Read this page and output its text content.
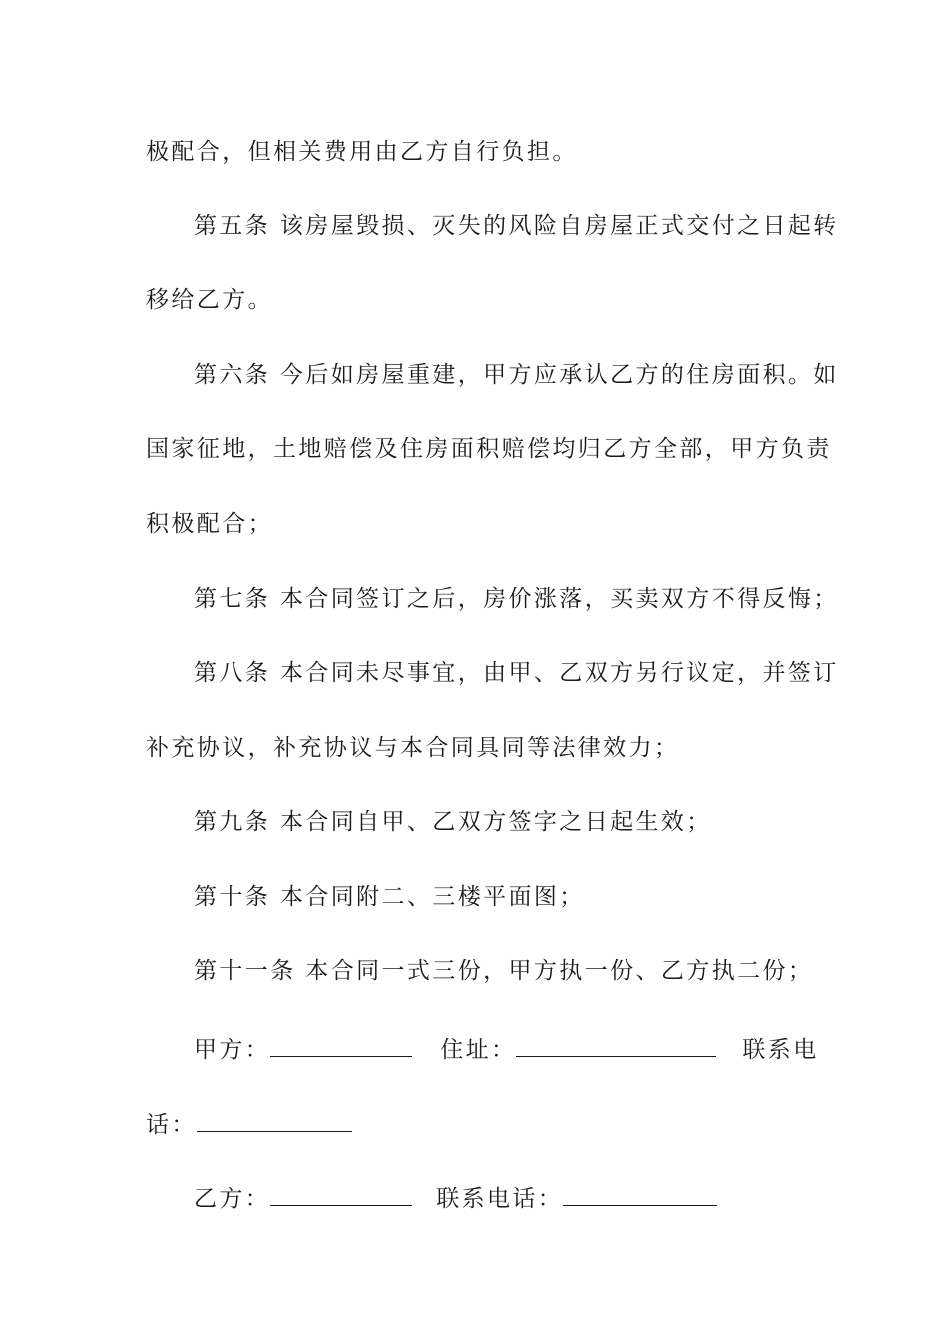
极配合，但相关费用由乙方自行负担。
第五条 该房屋毁损、灭失的风险自房屋正式交付之日起转
移给乙方。
第六条 今后如房屋重建，甲方应承认乙方的住房面积。如
国家征地，土地赔偿及住房面积赔偿均归乙方全部，甲方负责
积极配合；
第七条 本合同签订之后，房价涨落，买卖双方不得反悔；
第八条 本合同未尽事宜，由甲、乙双方另行议定，并签订
补充协议，补充协议与本合同具同等法律效力；
第九条 本合同自甲、乙双方签字之日起生效；
第十条 本合同附二、三楼平面图；
第十一条 本合同一式三份，甲方执一份、乙方执二份；
甲方：	住址：	联系电
话：
乙方：	联系电话：
